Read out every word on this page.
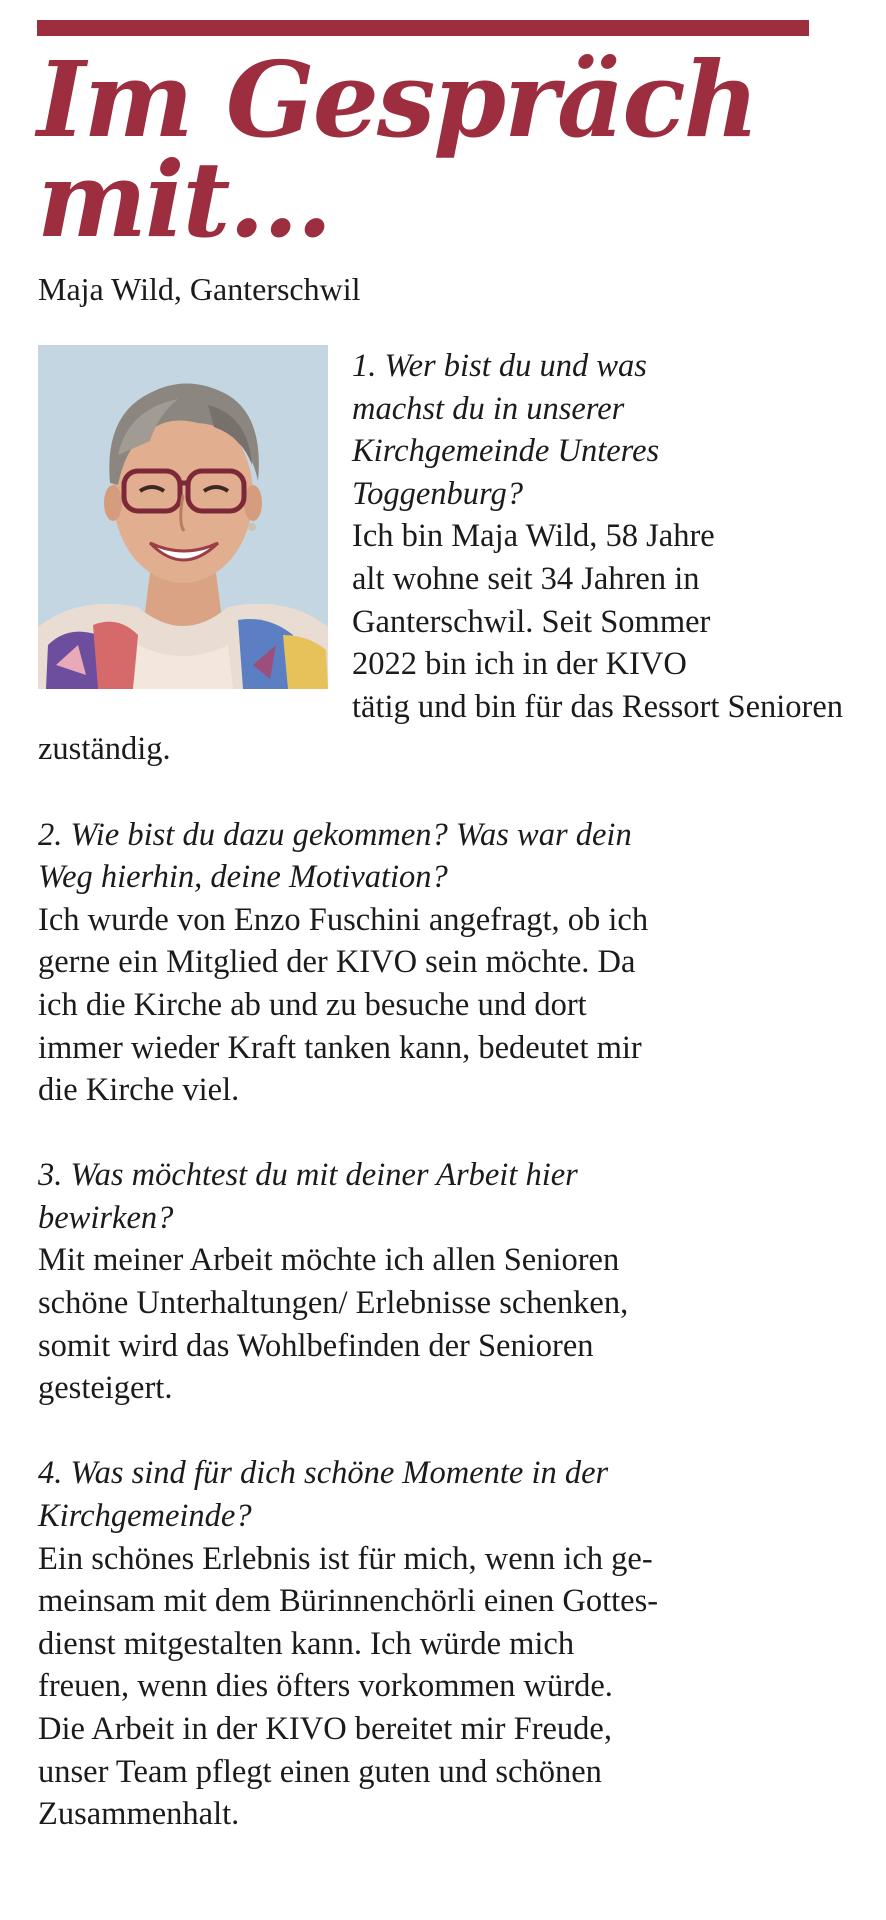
Im Gespräch
mit…

Maja Wild, Ganterschwil

1. Wer bist du und was
machst du in unserer
Kirchgemeinde Unteres
Toggenburg?

Ich bin Maja Wild, 58 Jahre
alt wohne seit 34 Jahren in
Ganterschwil. Seit Sommer
2022 bin ich in der KIVO
tätig und bin für das Ressort Senioren
zuständig.

2. Wie bist du dazu gekommen? Was war dein
Weg hierhin, deine Motivation?

Ich wurde von Enzo Fuschini angefragt, ob ich
gerne ein Mitglied der KIVO sein möchte. Da
ich die Kirche ab und zu besuche und dort
immer wieder Kraft tanken kann, bedeutet mir
die Kirche viel.

3. Was möchtest du mit deiner Arbeit hier
bewirken?

Mit meiner Arbeit möchte ich allen Senioren
schöne Unterhaltungen/ Erlebnisse schenken,
somit wird das Wohlbefinden der Senioren
gesteigert.

4. Was sind für dich schöne Momente in der
Kirchgemeinde?

Ein schönes Erlebnis ist für mich, wenn ich ge-
meinsam mit dem Bürinnenchörli einen Gottes-
dienst mitgestalten kann. Ich würde mich
freuen, wenn dies öfters vorkommen würde.
Die Arbeit in der KIVO bereitet mir Freude,
unser Team pflegt einen guten und schönen
Zusammenhalt.
